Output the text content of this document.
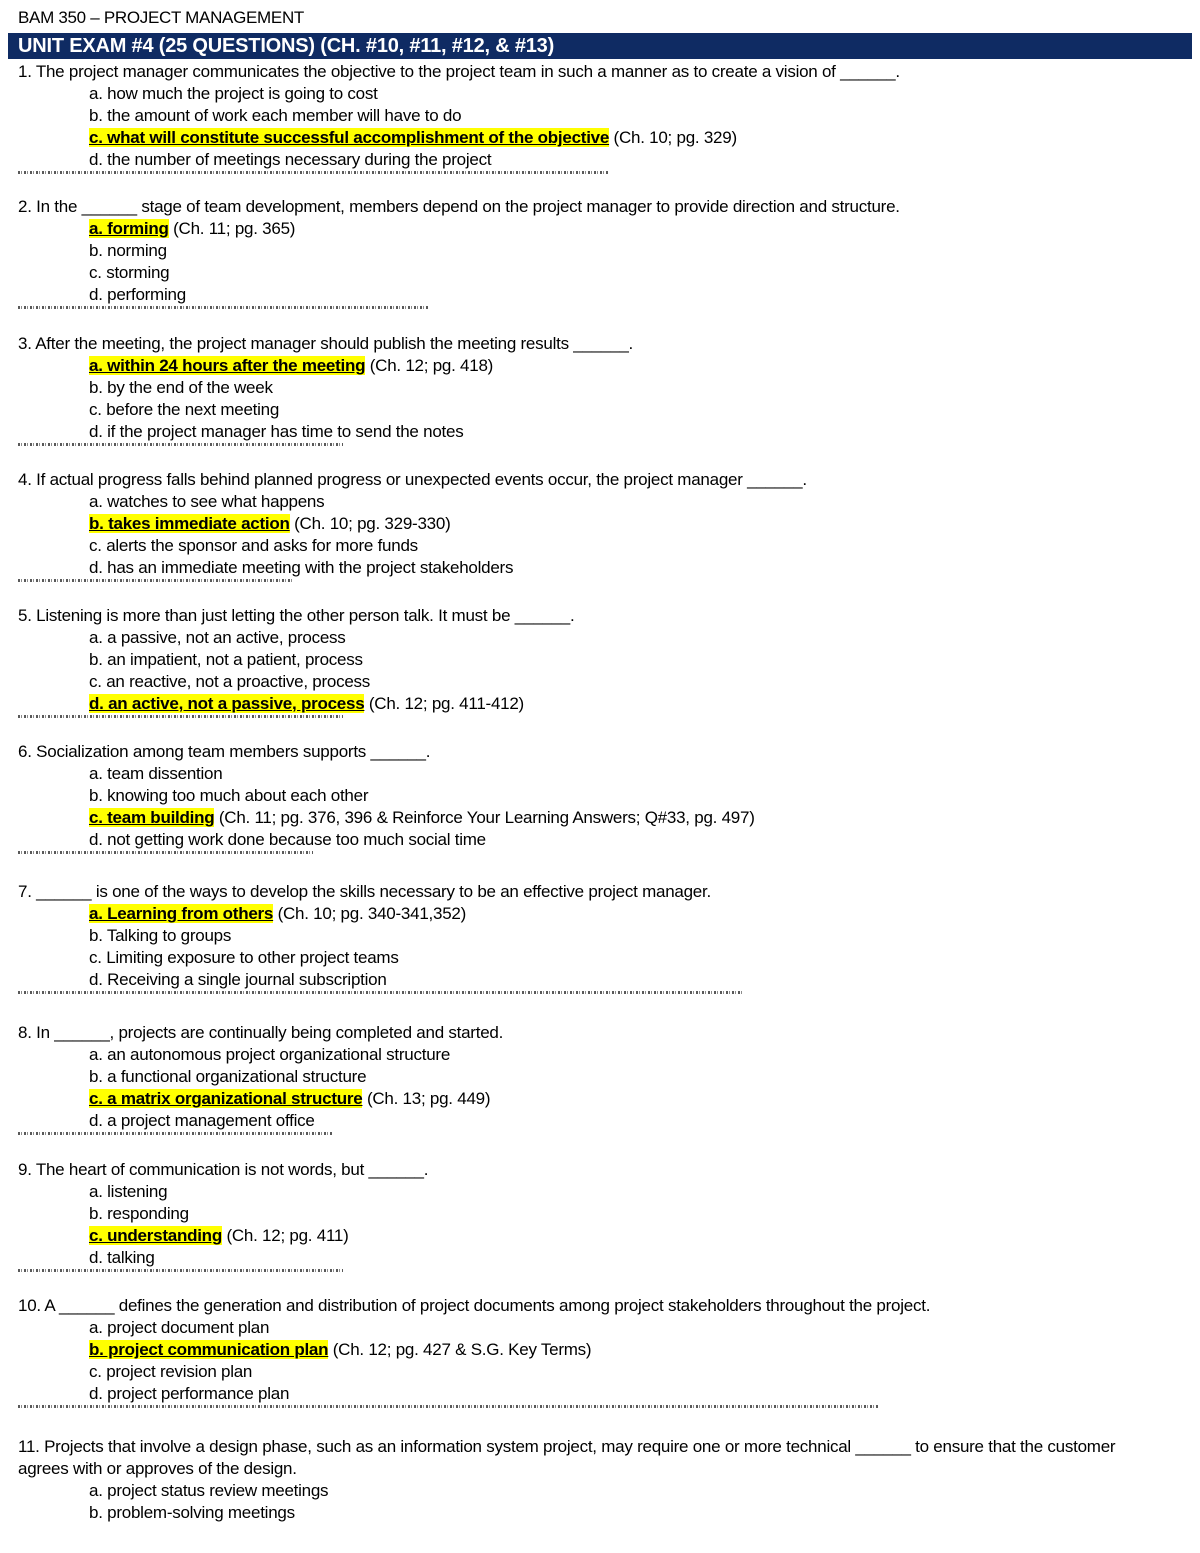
BAM 350 – PROJECT MANAGEMENT
UNIT EXAM #4 (25 QUESTIONS) (CH. #10, #11, #12, & #13)
1. The project manager communicates the objective to the project team in such a manner as to create a vision of ______.
a. how much the project is going to cost
b. the amount of work each member will have to do
c. what will constitute successful accomplishment of the objective (Ch. 10; pg. 329)
d. the number of meetings necessary during the project
2. In the ______ stage of team development, members depend on the project manager to provide direction and structure.
a. forming (Ch. 11; pg. 365)
b. norming
c. storming
d. performing
3. After the meeting, the project manager should publish the meeting results ______.
a. within 24 hours after the meeting (Ch. 12; pg. 418)
b. by the end of the week
c. before the next meeting
d. if the project manager has time to send the notes
4. If actual progress falls behind planned progress or unexpected events occur, the project manager ______.
a. watches to see what happens
b. takes immediate action (Ch. 10; pg. 329-330)
c. alerts the sponsor and asks for more funds
d. has an immediate meeting with the project stakeholders
5. Listening is more than just letting the other person talk. It must be ______.
a. a passive, not an active, process
b. an impatient, not a patient, process
c. an reactive, not a proactive, process
d. an active, not a passive, process (Ch. 12; pg. 411-412)
6. Socialization among team members supports ______.
a. team dissention
b. knowing too much about each other
c. team building (Ch. 11; pg. 376, 396 & Reinforce Your Learning Answers; Q#33, pg. 497)
d. not getting work done because too much social time
7. ______ is one of the ways to develop the skills necessary to be an effective project manager.
a. Learning from others (Ch. 10; pg. 340-341,352)
b. Talking to groups
c. Limiting exposure to other project teams
d. Receiving a single journal subscription
8. In ______, projects are continually being completed and started.
a. an autonomous project organizational structure
b. a functional organizational structure
c. a matrix organizational structure (Ch. 13; pg. 449)
d. a project management office
9. The heart of communication is not words, but ______.
a. listening
b. responding
c. understanding (Ch. 12; pg. 411)
d. talking
10. A ______ defines the generation and distribution of project documents among project stakeholders throughout the project.
a. project document plan
b. project communication plan (Ch. 12; pg. 427 & S.G. Key Terms)
c. project revision plan
d. project performance plan
11. Projects that involve a design phase, such as an information system project, may require one or more technical ______ to ensure that the customer agrees with or approves of the design.
a. project status review meetings
b. problem-solving meetings
